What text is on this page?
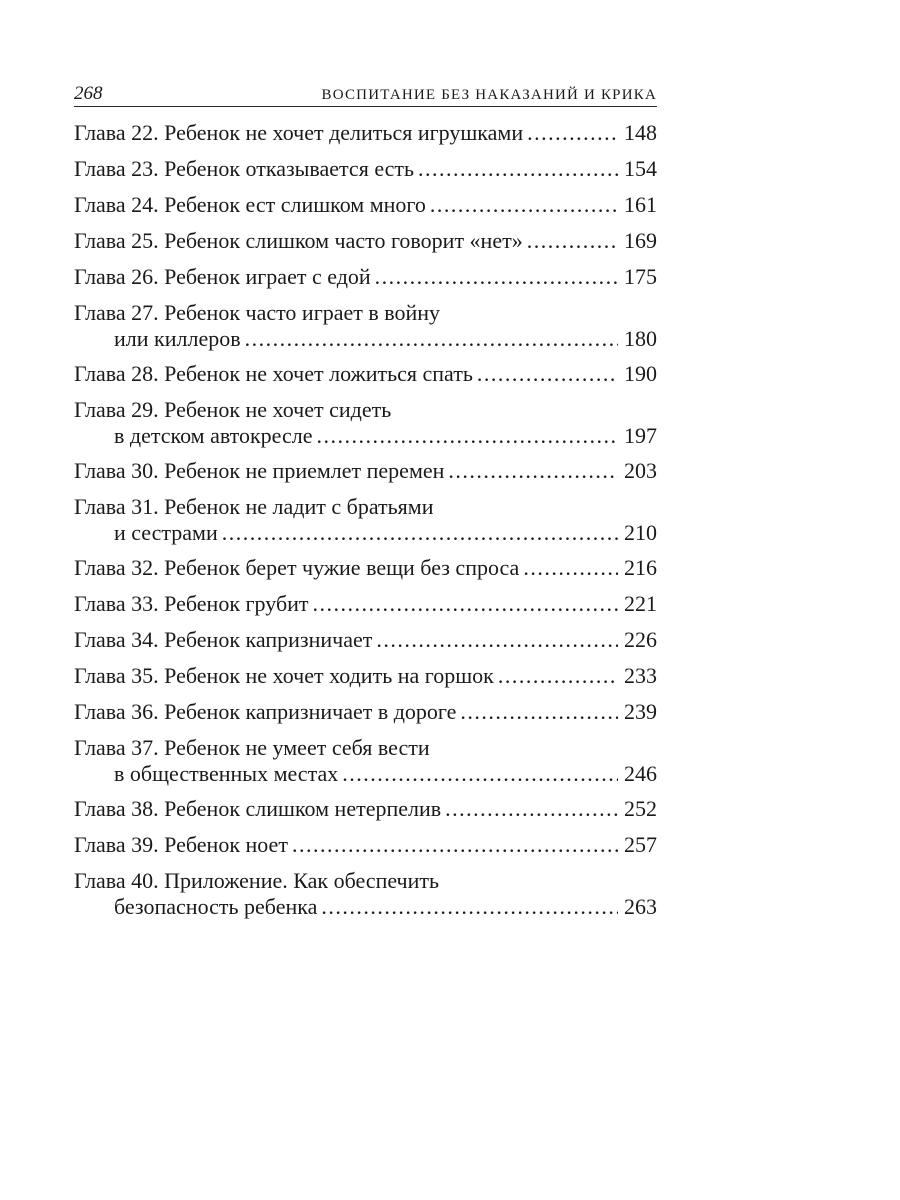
268	ВОСПИТАНИЕ БЕЗ НАКАЗАНИЙ И КРИКА
Глава 22. Ребенок не хочет делиться игрушками .....	148
Глава 23. Ребенок отказывается есть .....	154
Глава 24. Ребенок ест слишком много .....	161
Глава 25. Ребенок слишком часто говорит «нет» .....	169
Глава 26. Ребенок играет с едой .....	175
Глава 27. Ребенок часто играет в войну
или киллеров .....	180
Глава 28. Ребенок не хочет ложиться спать .....	190
Глава 29. Ребенок не хочет сидеть
в детском автокресле .....	197
Глава 30. Ребенок не приемлет перемен .....	203
Глава 31. Ребенок не ладит с братьями
и сестрами .....	210
Глава 32. Ребенок берет чужие вещи без спроса .....	216
Глава 33. Ребенок грубит .....	221
Глава 34. Ребенок капризничает .....	226
Глава 35. Ребенок не хочет ходить на горшок .....	233
Глава 36. Ребенок капризничает в дороге .....	239
Глава 37. Ребенок не умеет себя вести
в общественных местах .....	246
Глава 38. Ребенок слишком нетерпелив .....	252
Глава 39. Ребенок ноет .....	257
Глава 40. Приложение. Как обеспечить
безопасность ребенка .....	263
